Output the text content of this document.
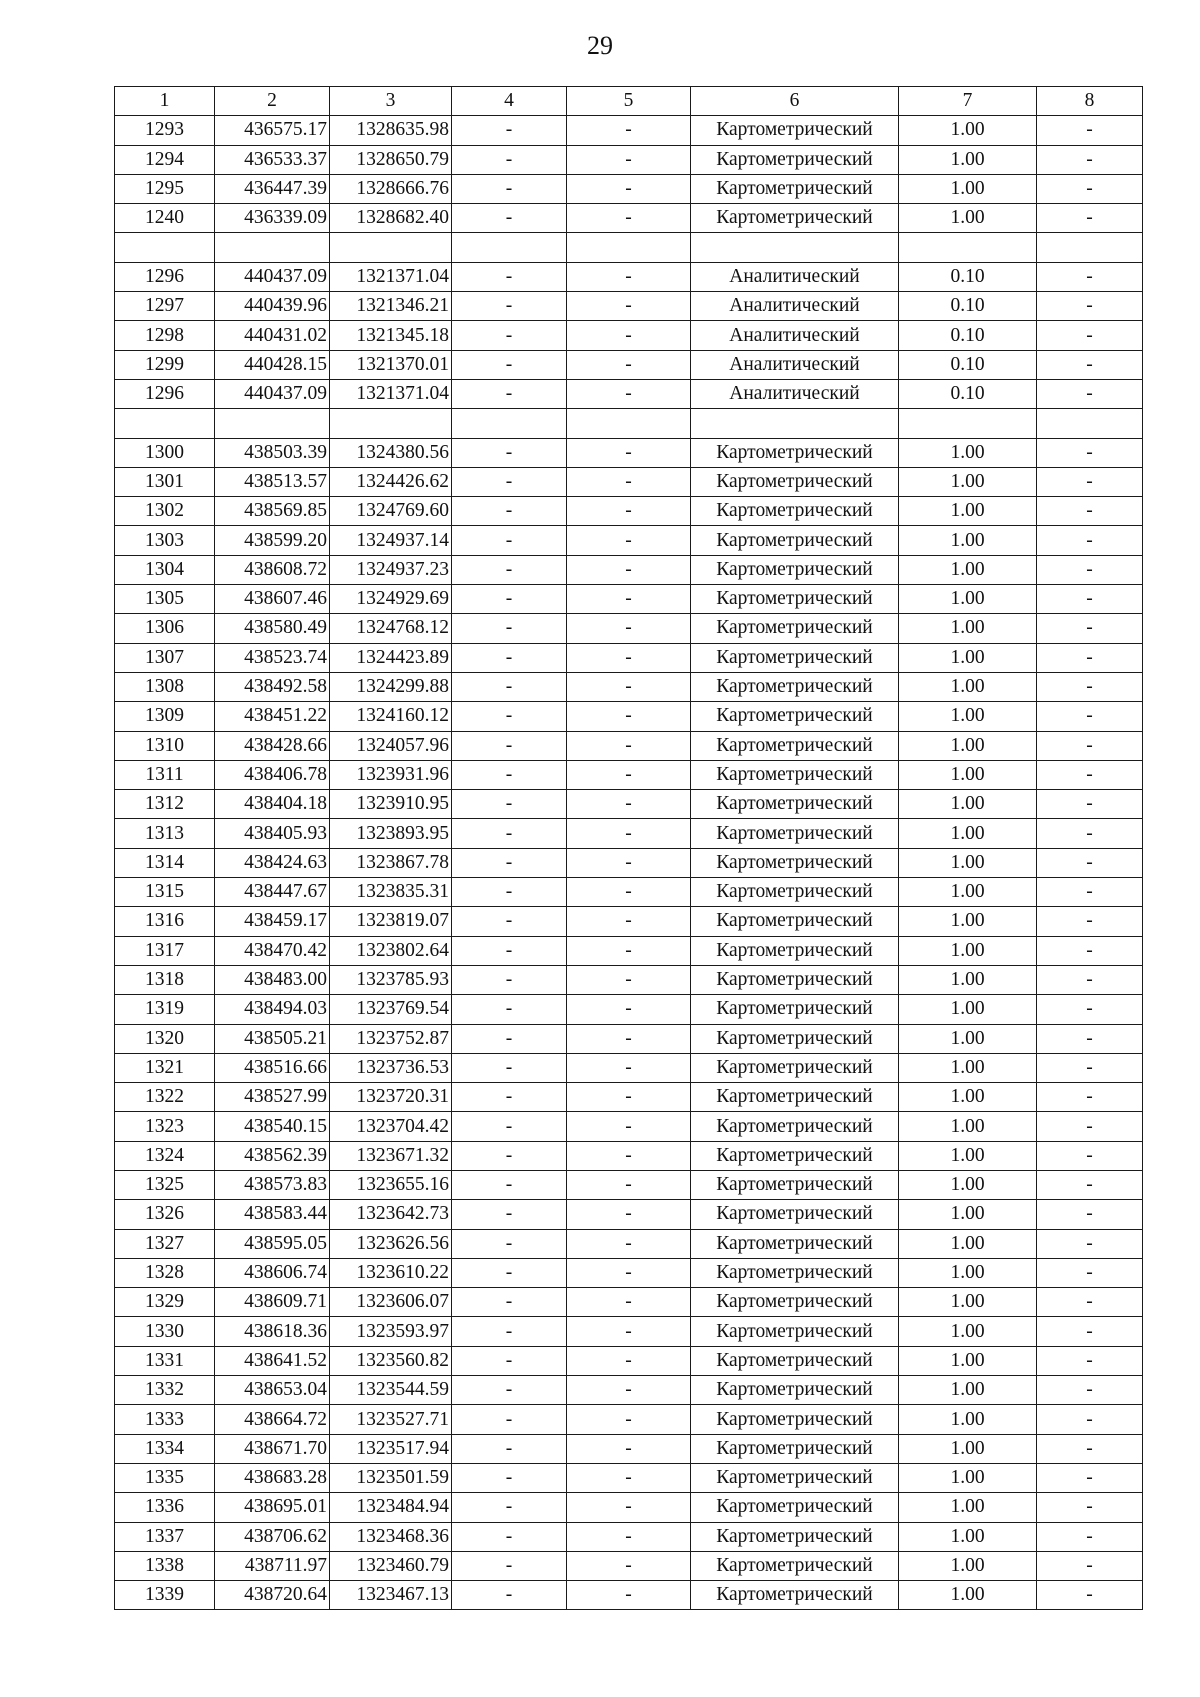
29
1	2	3	4	5	6	7	8
1293	436575.17	1328635.98	-	-	Картометрический	1.00	-
1294	436533.37	1328650.79	-	-	Картометрический	1.00	-
1295	436447.39	1328666.76	-	-	Картометрический	1.00	-
1240	436339.09	1328682.40	-	-	Картометрический	1.00	-

1296	440437.09	1321371.04	-	-	Аналитический	0.10	-
1297	440439.96	1321346.21	-	-	Аналитический	0.10	-
1298	440431.02	1321345.18	-	-	Аналитический	0.10	-
1299	440428.15	1321370.01	-	-	Аналитический	0.10	-
1296	440437.09	1321371.04	-	-	Аналитический	0.10	-

1300	438503.39	1324380.56	-	-	Картометрический	1.00	-
1301	438513.57	1324426.62	-	-	Картометрический	1.00	-
1302	438569.85	1324769.60	-	-	Картометрический	1.00	-
1303	438599.20	1324937.14	-	-	Картометрический	1.00	-
1304	438608.72	1324937.23	-	-	Картометрический	1.00	-
1305	438607.46	1324929.69	-	-	Картометрический	1.00	-
1306	438580.49	1324768.12	-	-	Картометрический	1.00	-
1307	438523.74	1324423.89	-	-	Картометрический	1.00	-
1308	438492.58	1324299.88	-	-	Картометрический	1.00	-
1309	438451.22	1324160.12	-	-	Картометрический	1.00	-
1310	438428.66	1324057.96	-	-	Картометрический	1.00	-
1311	438406.78	1323931.96	-	-	Картометрический	1.00	-
1312	438404.18	1323910.95	-	-	Картометрический	1.00	-
1313	438405.93	1323893.95	-	-	Картометрический	1.00	-
1314	438424.63	1323867.78	-	-	Картометрический	1.00	-
1315	438447.67	1323835.31	-	-	Картометрический	1.00	-
1316	438459.17	1323819.07	-	-	Картометрический	1.00	-
1317	438470.42	1323802.64	-	-	Картометрический	1.00	-
1318	438483.00	1323785.93	-	-	Картометрический	1.00	-
1319	438494.03	1323769.54	-	-	Картометрический	1.00	-
1320	438505.21	1323752.87	-	-	Картометрический	1.00	-
1321	438516.66	1323736.53	-	-	Картометрический	1.00	-
1322	438527.99	1323720.31	-	-	Картометрический	1.00	-
1323	438540.15	1323704.42	-	-	Картометрический	1.00	-
1324	438562.39	1323671.32	-	-	Картометрический	1.00	-
1325	438573.83	1323655.16	-	-	Картометрический	1.00	-
1326	438583.44	1323642.73	-	-	Картометрический	1.00	-
1327	438595.05	1323626.56	-	-	Картометрический	1.00	-
1328	438606.74	1323610.22	-	-	Картометрический	1.00	-
1329	438609.71	1323606.07	-	-	Картометрический	1.00	-
1330	438618.36	1323593.97	-	-	Картометрический	1.00	-
1331	438641.52	1323560.82	-	-	Картометрический	1.00	-
1332	438653.04	1323544.59	-	-	Картометрический	1.00	-
1333	438664.72	1323527.71	-	-	Картометрический	1.00	-
1334	438671.70	1323517.94	-	-	Картометрический	1.00	-
1335	438683.28	1323501.59	-	-	Картометрический	1.00	-
1336	438695.01	1323484.94	-	-	Картометрический	1.00	-
1337	438706.62	1323468.36	-	-	Картометрический	1.00	-
1338	438711.97	1323460.79	-	-	Картометрический	1.00	-
1339	438720.64	1323467.13	-	-	Картометрический	1.00	-
